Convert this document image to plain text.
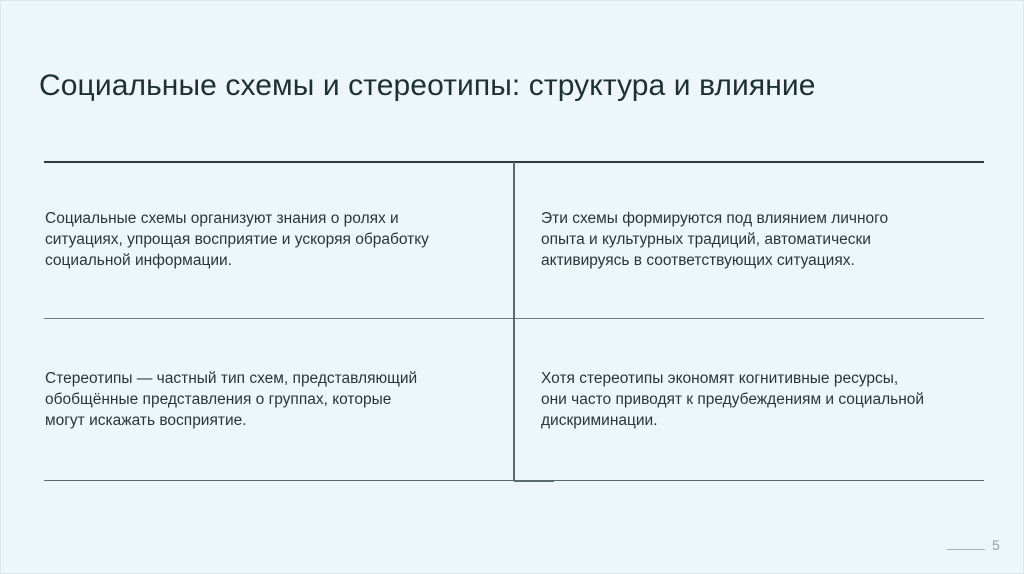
Социальные схемы и стереотипы: структура и влияние
Социальные схемы организуют знания о ролях и
ситуациях, упрощая восприятие и ускоряя обработку
социальной информации.
Эти схемы формируются под влиянием личного
опыта и культурных традиций, автоматически
активируясь в соответствующих ситуациях.
Стереотипы — частный тип схем, представляющий
обобщённые представления о группах, которые
могут искажать восприятие.
Хотя стереотипы экономят когнитивные ресурсы,
они часто приводят к предубеждениям и социальной
дискриминации.
5
